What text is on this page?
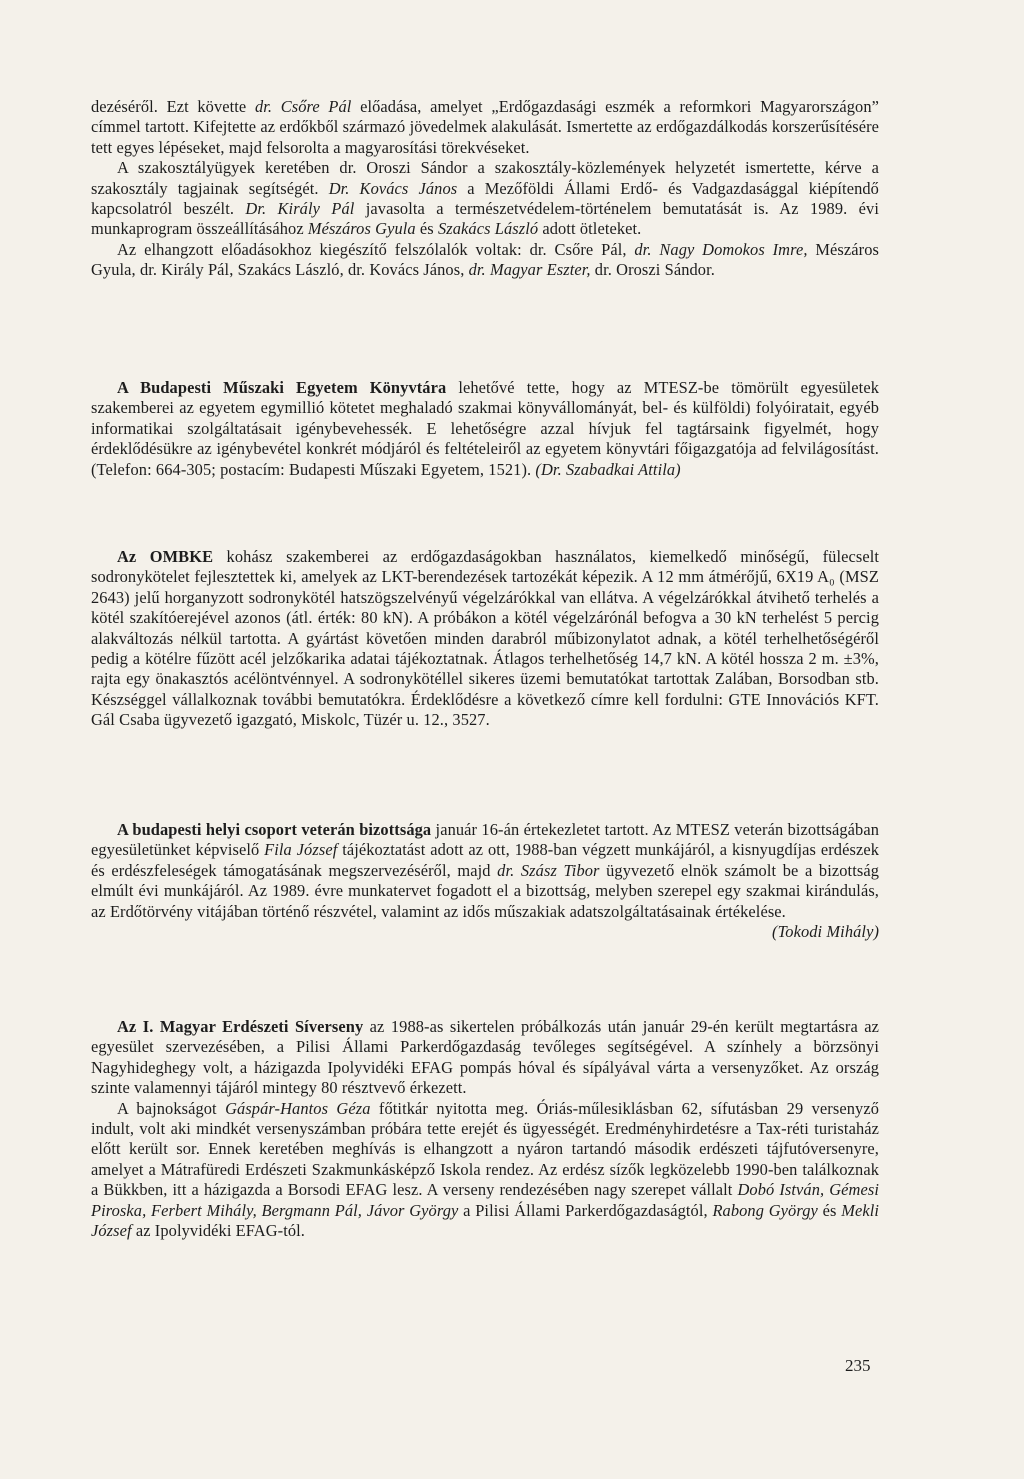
dezéséről. Ezt követte dr. Csőre Pál előadása, amelyet „Erdőgazdasági eszmék a reformkori Magyarországon” címmel tartott. Kifejtette az erdőkből származó jövedelmek alakulását. Ismertette az erdőgazdálkodás korszerűsítésére tett egyes lépéseket, majd felsorolta a magyarosítási törekvéseket.

A szakosztályügyek keretében dr. Oroszi Sándor a szakosztály-közlemények helyzetét ismertette, kérve a szakosztály tagjainak segítségét. Dr. Kovács János a Mezőföldi Állami Erdő- és Vadgazdasággal kiépítendő kapcsolatról beszélt. Dr. Király Pál javasolta a természetvédelem-történelem bemutatását is. Az 1989. évi munkaprogram összeállításához Mészáros Gyula és Szakács László adott ötleteket.

Az elhangzott előadásokhoz kiegészítő felszólalók voltak: dr. Csőre Pál, dr. Nagy Domokos Imre, Mészáros Gyula, dr. Király Pál, Szakács László, dr. Kovács János, dr. Magyar Eszter, dr. Oroszi Sándor.

A Budapesti Műszaki Egyetem Könyvtára lehetővé tette, hogy az MTESZ-be tömörült egyesületek szakemberei az egyetem egymillió kötetet meghaladó szakmai könyvállományát, bel- és külföldi) folyóiratait, egyéb informatikai szolgáltatásait igénybevehessék. E lehetőségre azzal hívjuk fel tagtársaink figyelmét, hogy érdeklődésükre az igénybevétel konkrét módjáról és feltételeiről az egyetem könyvtári főigazgatója ad felvilágosítást. (Telefon: 664-305; postacím: Budapesti Műszaki Egyetem, 1521). (Dr. Szabadkai Attila)

Az OMBKE kohász szakemberei az erdőgazdaságokban használatos, kiemelkedő minőségű, fülecselt sodronykötelet fejlesztettek ki, amelyek az LKT-berendezések tartozékát képezik. A 12 mm átmérőjű, 6X19 A₀ (MSZ 2643) jelű horganyzott sodronykötél hatszögszelvényű végelzárókkal van ellátva. A végelzárókkal átvihető terhelés a kötél szakítóerejével azonos (átl. érték: 80 kN). A próbákon a kötél végelzárónál befogva a 30 kN terhelést 5 percig alakváltozás nélkül tartotta. A gyártást követően minden darabról műbizonylatot adnak, a kötél terhelhetőségéről pedig a kötélre fűzött acél jelzőkarika adatai tájékoztatnak. Átlagos terhelhetőség 14,7 kN. A kötél hossza 2 m. ±3%, rajta egy önakasztós acélöntvénnyel. A sodronykötéllel sikeres üzemi bemutatókat tartottak Zalában, Borsodban stb. Készséggel vállalkoznak további bemutatókra. Érdeklődésre a következő címre kell fordulni: GTE Innovációs KFT. Gál Csaba ügyvezető igazgató, Miskolc, Tüzér u. 12., 3527.

A budapesti helyi csoport veterán bizottsága január 16-án értekezletet tartott. Az MTESZ veterán bizottságában egyesületünket képviselő Fila József tájékoztatást adott az ott, 1988-ban végzett munkájáról, a kisnyugdíjas erdészek és erdészfeleségek támogatásának megszervezéséről, majd dr. Szász Tibor ügyvezető elnök számolt be a bizottság elmúlt évi munkájáról. Az 1989. évre munkatervet fogadott el a bizottság, melyben szerepel egy szakmai kirándulás, az Erdőtörvény vitájában történő részvétel, valamint az idős műszakiak adatszolgáltatásainak értékelése.

(Tokodi Mihály)

Az I. Magyar Erdészeti Síverseny az 1988-as sikertelen próbálkozás után január 29-én került megtartásra az egyesület szervezésében, a Pilisi Állami Parkerdőgazdaság tevőleges segítségével. A színhely a börzsönyi Nagyhideghegy volt, a házigazda Ipolyvidéki EFAG pompás hóval és sípályával várta a versenyzőket. Az ország szinte valamennyi tájáról mintegy 80 résztvevő érkezett.

A bajnokságot Gáspár-Hantos Géza főtitkár nyitotta meg. Óriás-műlesiklásban 62, sífutásban 29 versenyző indult, volt aki mindkét versenyszámban próbára tette erejét és ügyességét. Eredményhirdetésre a Tax-réti turistaház előtt került sor. Ennek keretében meghívás is elhangzott a nyáron tartandó második erdészeti tájfutóversenyre, amelyet a Mátrafüredi Erdészeti Szakmunkásképző Iskola rendez. Az erdész sízők legközelebb 1990-ben találkoznak a Bükkben, itt a házigazda a Borsodi EFAG lesz. A verseny rendezésében nagy szerepet vállalt Dobó István, Gémesi Piroska, Ferbert Mihály, Bergmann Pál, Jávor György a Pilisi Állami Parkerdőgazdaságtól, Rabong György és Mekli József az Ipolyvidéki EFAG-tól.

235
